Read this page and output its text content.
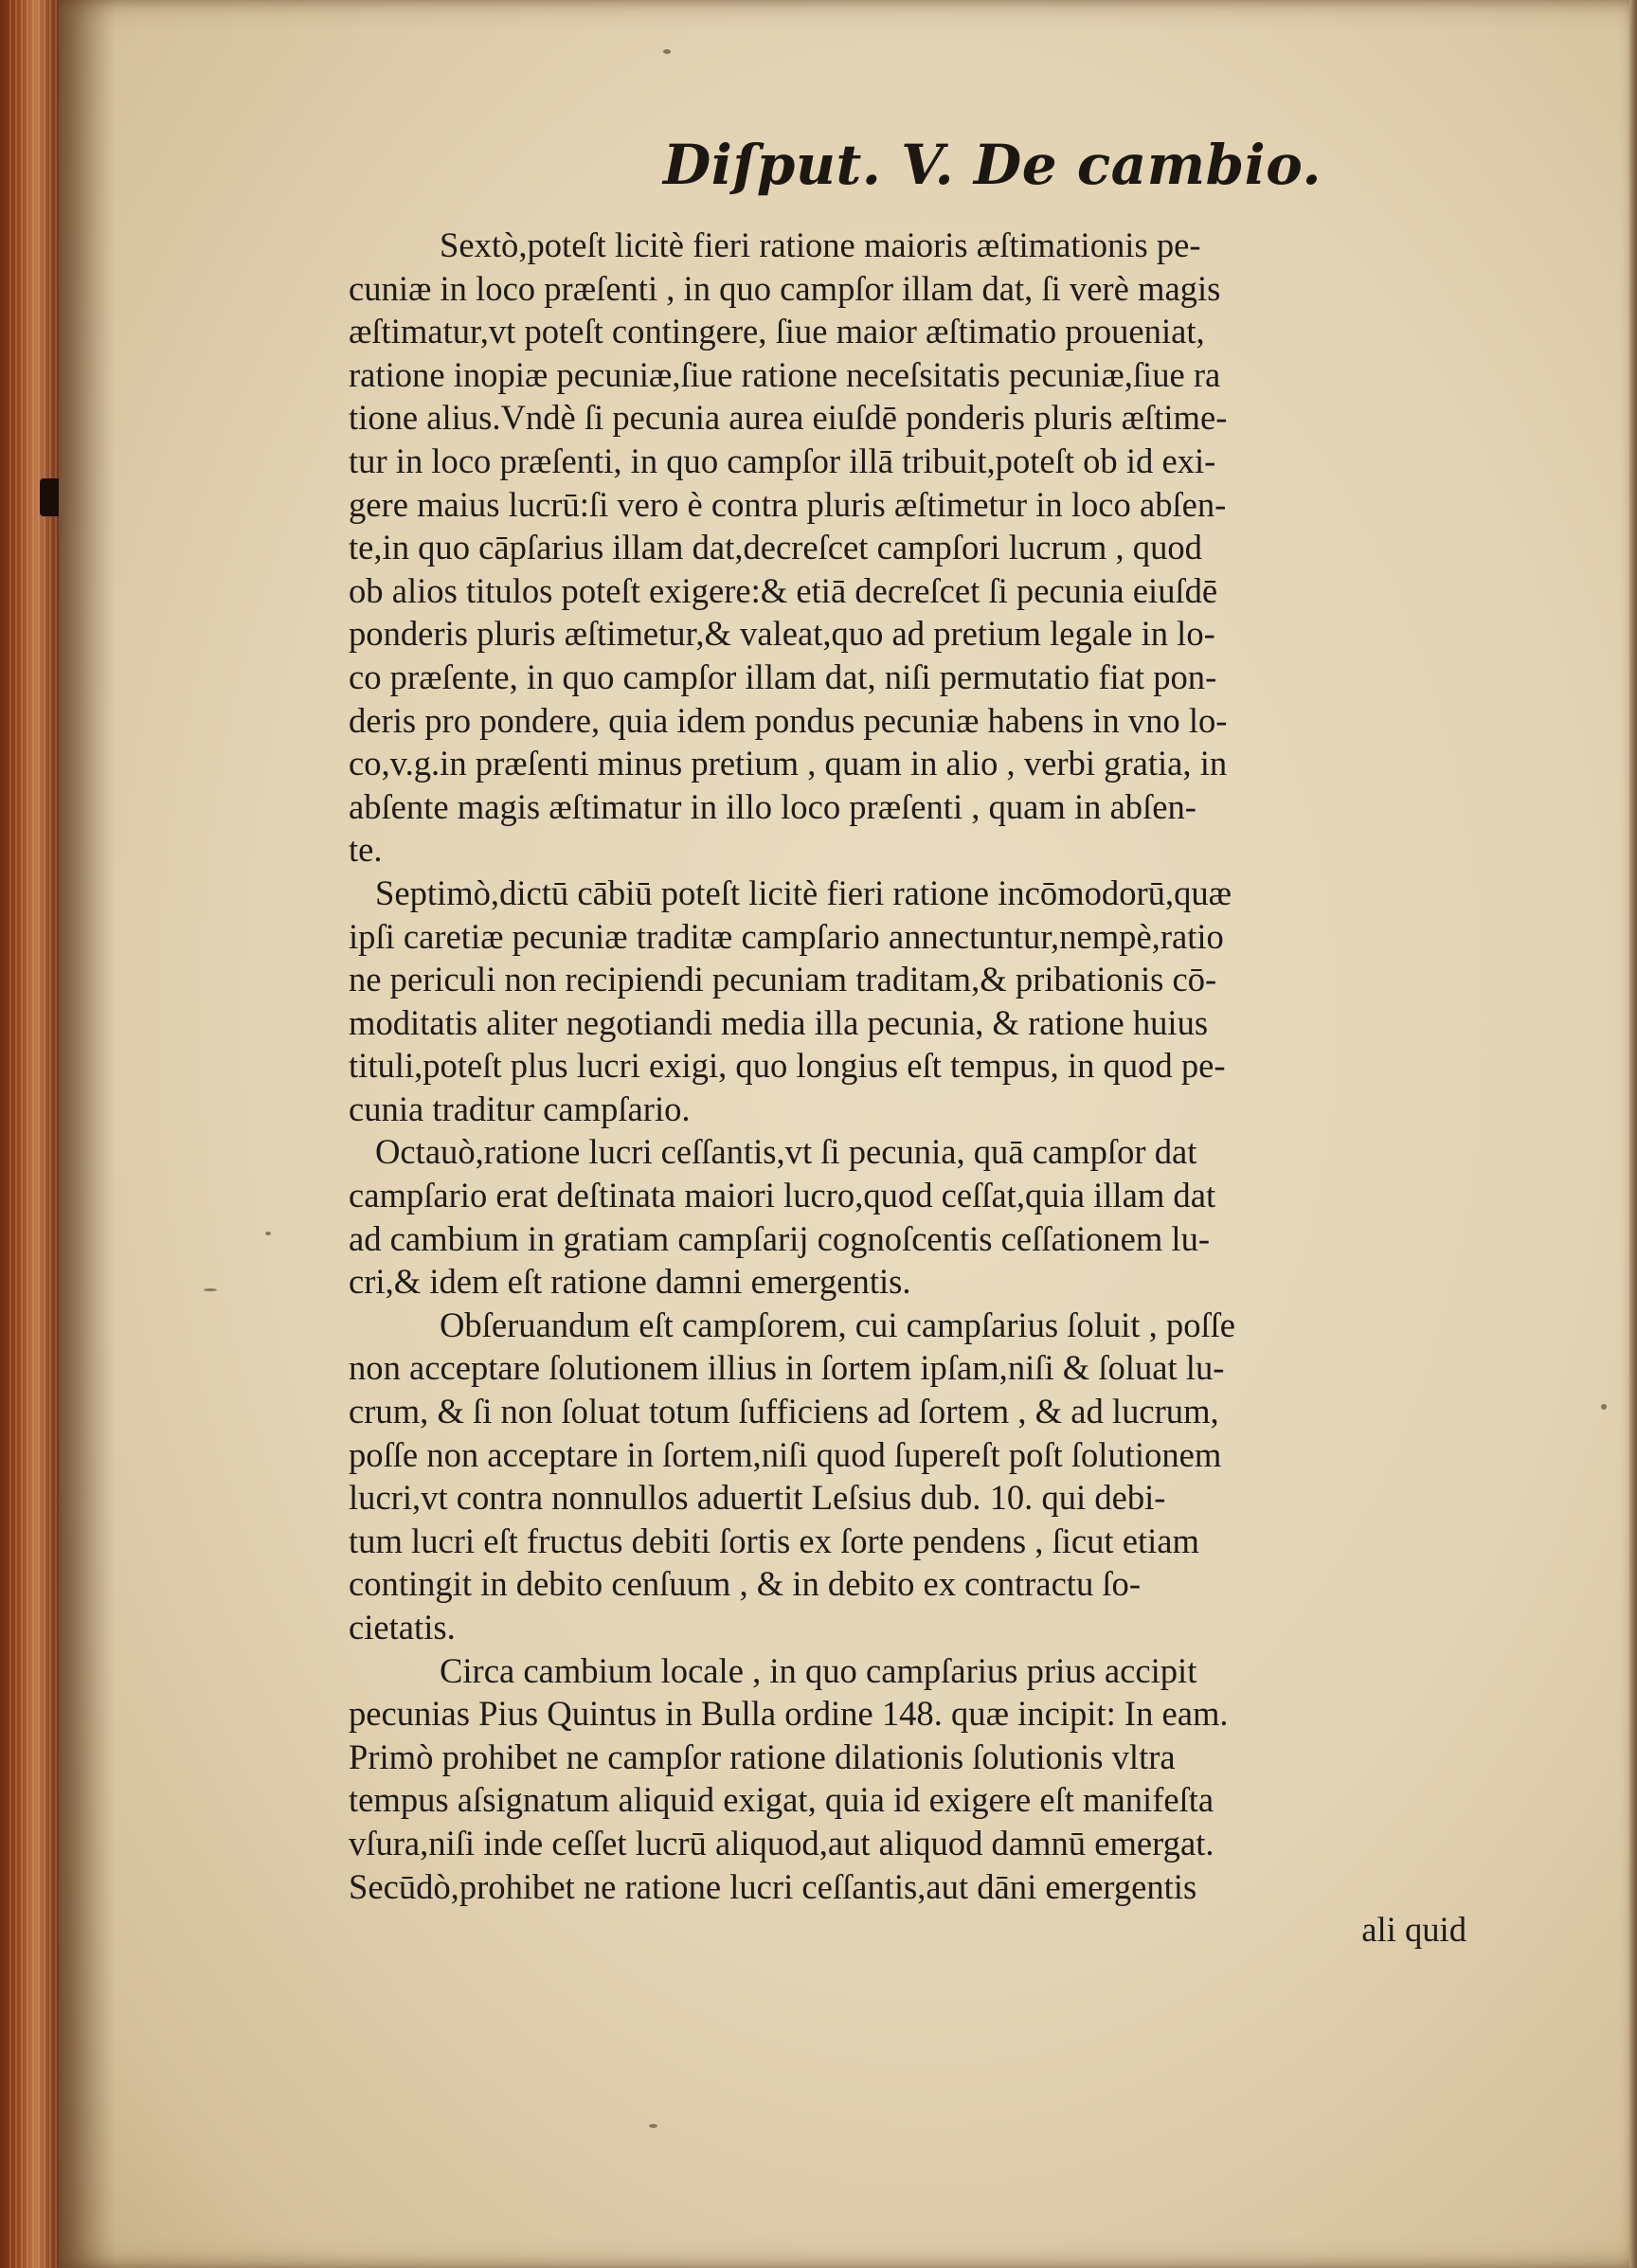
Diſput. V. De cambio.
Sextò,poteſt licitè fieri ratione maioris æſtimationis pe-
cuniæ in loco præſenti , in quo campſor illam dat, ſi verè magis
æſtimatur,vt poteſt contingere, ſiue maior æſtimatio proueniat,
ratione inopiæ pecuniæ,ſiue ratione neceſsitatis pecuniæ,ſiue ra
tione alius.Vndè ſi pecunia aurea eiuſdē ponderis pluris æſtime-
tur in loco præſenti, in quo campſor illā tribuit,poteſt ob id exi-
gere maius lucrū:ſi vero è contra pluris æſtimetur in loco abſen-
te,in quo cāpſarius illam dat,decreſcet campſori lucrum , quod
ob alios titulos poteſt exigere:& etiā decreſcet ſi pecunia eiuſdē
ponderis pluris æſtimetur,& valeat,quo ad pretium legale in lo-
co præſente, in quo campſor illam dat, niſi permutatio fiat pon-
deris pro pondere, quia idem pondus pecuniæ habens in vno lo-
co,v.g.in præſenti minus pretium , quam in alio , verbi gratia, in
abſente magis æſtimatur in illo loco præſenti , quam in abſen-
te.
Septimò,dictū cābiū poteſt licitè fieri ratione incōmodorū,quæ
ipſi caretiæ pecuniæ traditæ campſario annectuntur,nempè,ratio
ne periculi non recipiendi pecuniam traditam,& pribationis cō-
moditatis aliter negotiandi media illa pecunia, & ratione huius
tituli,poteſt plus lucri exigi, quo longius eſt tempus, in quod pe-
cunia traditur campſario.
Octauò,ratione lucri ceſſantis,vt ſi pecunia, quā campſor dat
campſario erat deſtinata maiori lucro,quod ceſſat,quia illam dat
ad cambium in gratiam campſarij cognoſcentis ceſſationem lu-
cri,& idem eſt ratione damni emergentis.
Obſeruandum eſt campſorem, cui campſarius ſoluit , poſſe
non acceptare ſolutionem illius in ſortem ipſam,niſi & ſoluat lu-
crum, & ſi non ſoluat totum ſufficiens ad ſortem , & ad lucrum,
poſſe non acceptare in ſortem,niſi quod ſupereſt poſt ſolutionem
lucri,vt contra nonnullos aduertit Leſsius dub. 10. qui debi-
tum lucri eſt fructus debiti ſortis ex ſorte pendens , ſicut etiam
contingit in debito cenſuum , & in debito ex contractu ſo-
cietatis.
Circa cambium locale , in quo campſarius prius accipit
pecunias Pius Quintus in Bulla ordine 148. quæ incipit: In eam.
Primò prohibet ne campſor ratione dilationis ſolutionis vltra
tempus aſsignatum aliquid exigat, quia id exigere eſt manifeſta
vſura,niſi inde ceſſet lucrū aliquod,aut aliquod damnū emergat.
Secūdò,prohibet ne ratione lucri ceſſantis,aut dāni emergentis
ali quid
